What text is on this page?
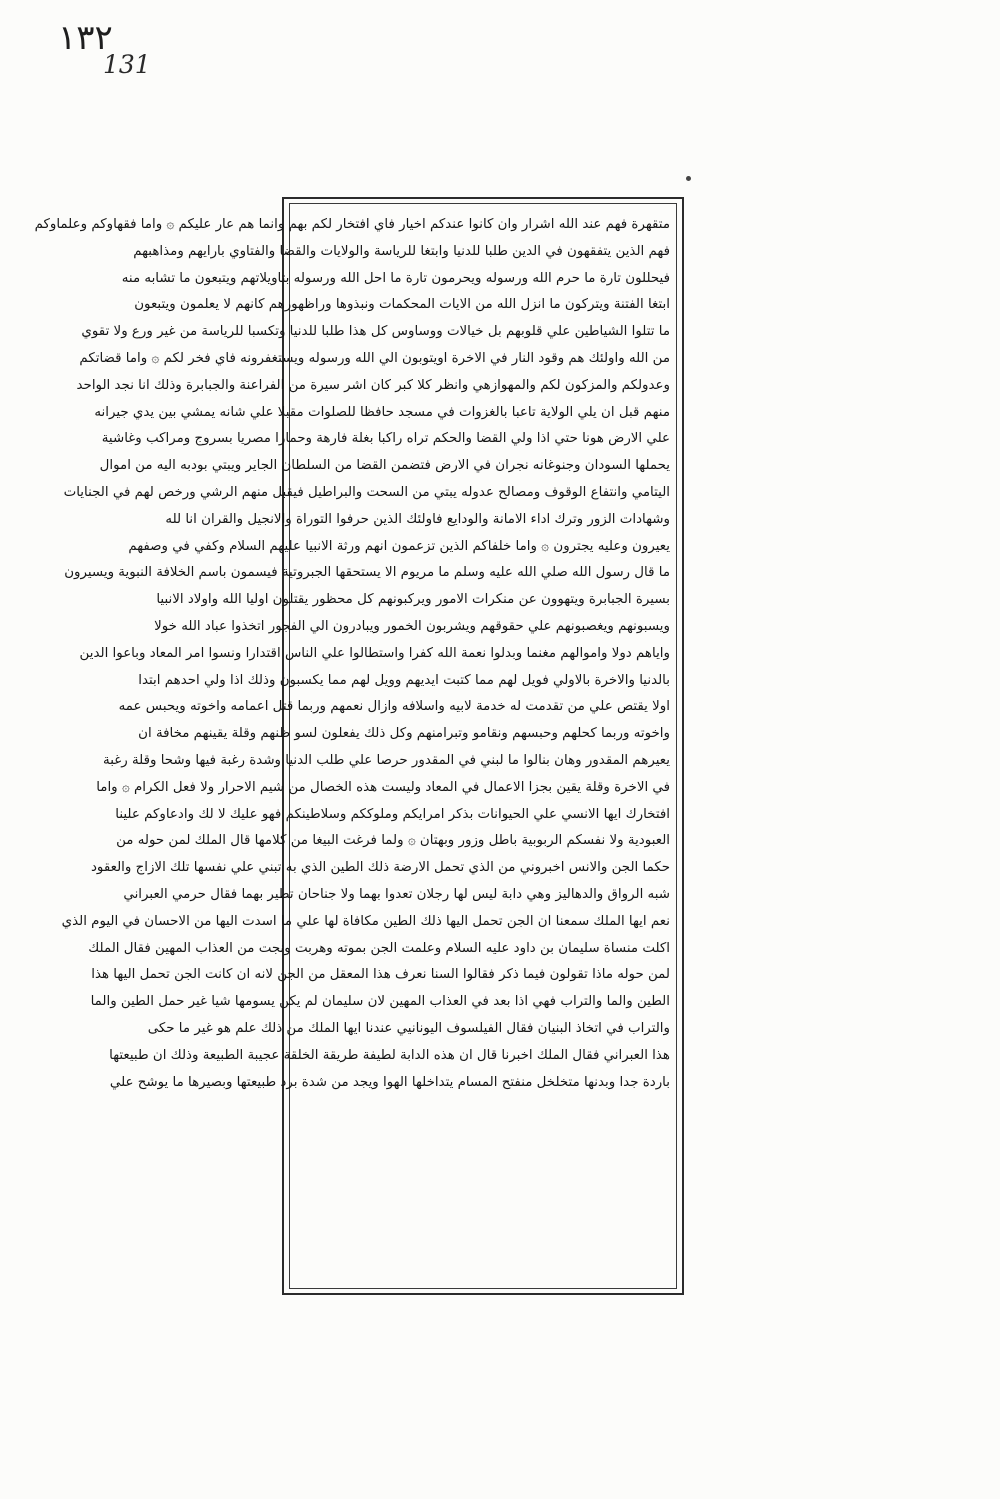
١٣٢
131
متقهرة فهم عند الله اشرار وان كانوا عندكم اخيار فاي افتخار لكم بهم وانما هم عار عليكم ۞ واما فقهاوكم وعلماوكم
فهم الذين يتفقهون في الدين طلبا للدنيا وابتغا للرياسة والولايات والقضا والفتاوي بارايهم ومذاهبهم
فيحللون تارة ما حرم الله ورسوله ويحرمون تارة ما احل الله ورسوله بتاويلاتهم ويتبعون ما تشابه منه
ابتغا الفتنة ويتركون ما انزل الله من الايات المحكمات ونبذوها وراظهورهم كانهم لا يعلمون ويتبعون
ما تتلوا الشياطين علي قلوبهم بل خيالات ووساوس كل هذا طلبا للدنيا وتكسبا للرياسة من غير ورع ولا تقوي
من الله واولئك هم وقود النار في الاخرة اويتوبون الي الله ورسوله ويستغفرونه فاي فخر لكم ۞ واما قضاتكم
وعدولكم والمزكون لكم والمهوازهي وانظر كلا كبر كان اشر سيرة من الفراعنة والجبابرة وذلك انا نجد الواحد
منهم قبل ان يلي الولاية تاعبا بالغزوات في مسجد حافظا للصلوات مقبلا علي شانه يمشي بين يدي جيرانه
علي الارض هونا حتي اذا ولي القضا والحكم تراه راكبا بغلة فارهة وحمارا مصريا بسروج ومراكب وغاشية
يحملها السودان وجنوغانه نجران في الارض فتضمن القضا من السلطان الجاير ويبتي بودبه اليه من اموال
اليتامي وانتفاع الوقوف ومصالح عدوله يبتي من السحت والبراطيل فيقبل منهم الرشي ورخص لهم في الجنايات
وشهادات الزور وترك اداء الامانة والودايع فاولئك الذين حرفوا التوراة والانجيل والقران انا لله
يعيرون وعليه يجترون ۞ واما خلفاكم الذين تزعمون انهم ورثة الانبيا عليهم السلام وكفي في وصفهم
ما قال رسول الله صلي الله عليه وسلم ما مريوم الا يستحقها الجبروتية فيسمون باسم الخلافة النبوية ويسيرون
بسيرة الجبابرة ويتهوون عن منكرات الامور ويركبونهم كل محظور يقتلون اوليا الله واولاد الانبيا
ويسبونهم ويغصبونهم علي حقوقهم ويشربون الخمور ويبادرون الي الفجور اتخذوا عباد الله خولا
واياهم دولا واموالهم مغنما وبدلوا نعمة الله كفرا واستطالوا علي الناس اقتدارا ونسوا امر المعاد وباعوا الدين
بالدنيا والاخرة بالاولي فويل لهم مما كتبت ايديهم وويل لهم مما يكسبون وذلك اذا ولي احدهم ابتدا
اولا يقتص علي من تقدمت له خدمة لابيه واسلافه وازال نعمهم وربما قتل اعمامه واخوته ويحبس عمه
واخوته وربما كحلهم وحبسهم ونقامو وتبرامنهم وكل ذلك يفعلون لسو ظنهم وقلة يقينهم مخافة ان
يعيرهم المقدور وهان بنالوا ما لبني في المقدور حرصا علي طلب الدنيا وشدة رغبة فيها وشحا وقلة رغبة
في الاخرة وقلة يقين بجزا الاعمال في المعاد وليست هذه الخصال من شيم الاحرار ولا فعل الكرام ۞ واما
افتخارك ايها الانسي علي الحيوانات بذكر امرايكم وملوككم وسلاطينكم فهو عليك لا لك وادعاوكم علينا
العبودية ولا نفسكم الربوبية باطل وزور وبهتان ۞ ولما فرغت البيغا من كلامها قال الملك لمن حوله من
حكما الجن والانس اخبروني من الذي تحمل الارضة ذلك الطين الذي به تبني علي نفسها تلك الازاج والعقود
شبه الرواق والدهاليز وهي دابة ليس لها رجلان تعدوا بهما ولا جناحان تطير بهما فقال حرمي العبراني
نعم ايها الملك سمعنا ان الجن تحمل اليها ذلك الطين مكافاة لها علي ما اسدت اليها من الاحسان في اليوم الذي
اكلت منساة سليمان بن داود عليه السلام وعلمت الجن بموته وهربت ونجت من العذاب المهين فقال الملك
لمن حوله ماذا تقولون فيما ذكر فقالوا السنا نعرف هذا المعقل من الجن لانه ان كانت الجن تحمل اليها هذا
الطين والما والتراب فهي اذا بعد في العذاب المهين لان سليمان لم يكن يسومها شيا غير حمل الطين والما
والتراب في اتخاذ البنيان فقال الفيلسوف اليونانيي عندنا ايها الملك من ذلك علم هو غير ما حكى
هذا العبراني فقال الملك اخبرنا قال ان هذه الدابة لطيفة طريقة الخلقة عجيبة الطبيعة وذلك ان طبيعتها
باردة جدا وبدنها متخلخل منفتح المسام يتداخلها الهوا ويجد من شدة برد طبيعتها وبصيرها ما يوشح علي
